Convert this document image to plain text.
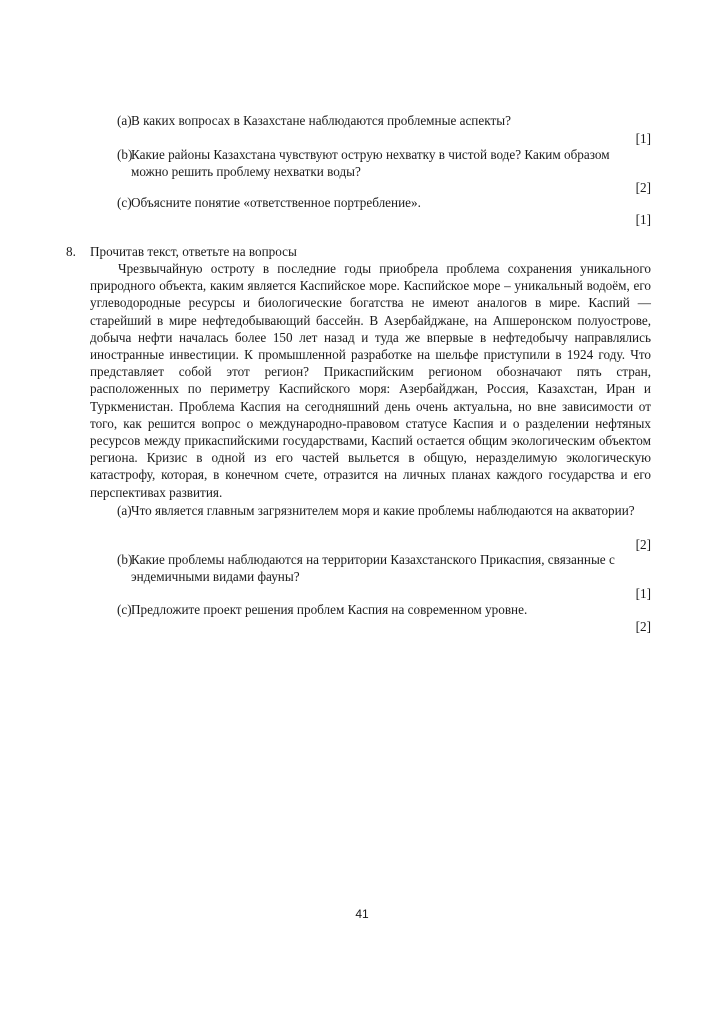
(a) В каких вопросах в Казахстане наблюдаются проблемные аспекты?
[1]
(b)
Какие районы Казахстана чувствуют острую нехватку в чистой воде? Каким образом можно решить проблему нехватки воды?
[2]
(c) Объясните понятие «ответственное портребление».
[1]
8. Прочитав текст, ответьте на вопросы
Чрезвычайную остроту в последние годы приобрела проблема сохранения уникального природного объекта, каким является Каспийское море. Каспийское море – уникальный водоём, его углеводородные ресурсы и биологические богатства не имеют аналогов в мире. Каспий — старейший в мире нефтедобывающий бассейн. В Азербайджане, на Апшеронском полуострове, добыча нефти началась более 150 лет назад и туда же впервые в нефтедобычу направлялись иностранные инвестиции. К промышленной разработке на шельфе приступили в 1924 году. Что представляет собой этот регион? Прикаспийским регионом обозначают пять стран, расположенных по периметру Каспийского моря: Азербайджан, Россия, Казахстан, Иран и Туркменистан. Проблема Каспия на сегодняшний день очень актуальна, но вне зависимости от того, как решится вопрос о международно-правовом статусе Каспия и о разделении нефтяных ресурсов между прикаспийскими государствами, Каспий остается общим экологическим объектом региона. Кризис в одной из его частей выльется в общую, неразделимую экологическую катастрофу, которая, в конечном счете, отразится на личных планах каждого государства и его перспективах развития.
(a) Что является главным загрязнителем моря и какие проблемы наблюдаются на акватории?
[2]
(b)
Какие проблемы наблюдаются на территории Казахстанского Прикаспия, связанные с эндемичными видами фауны?
[1]
(c) Предложите проект решения проблем Каспия на современном уровне.
[2]
41
